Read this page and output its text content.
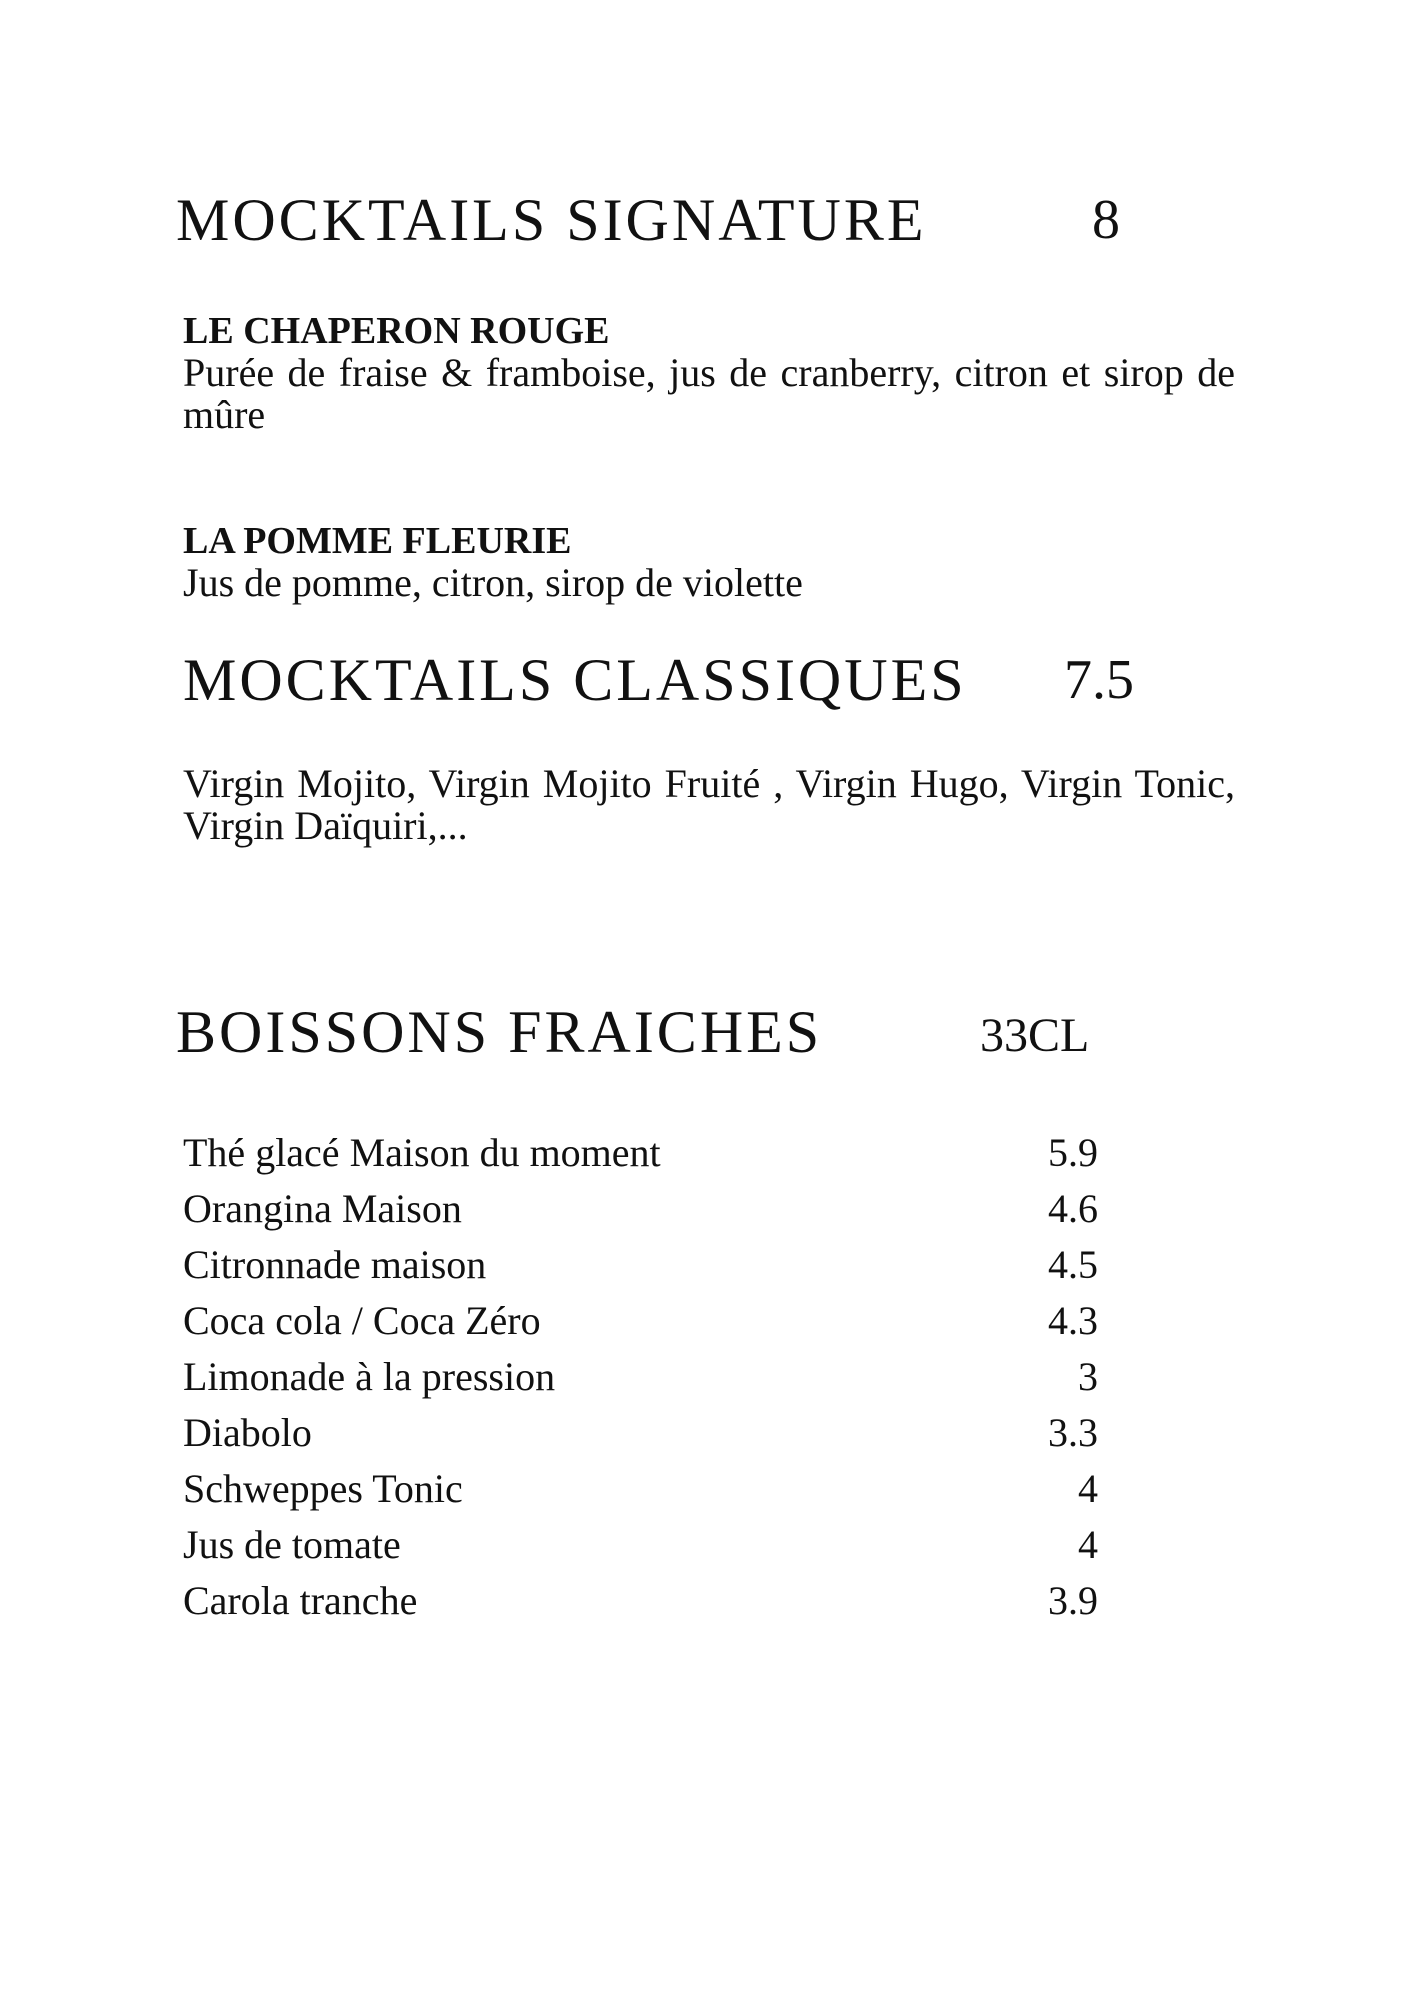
MOCKTAILS SIGNATURE	8
LE CHAPERON ROUGE
Purée de fraise & framboise, jus de cranberry, citron et sirop de mûre
LA POMME FLEURIE
Jus de pomme, citron, sirop de violette
MOCKTAILS CLASSIQUES 7.5
Virgin Mojito, Virgin Mojito Fruité , Virgin Hugo, Virgin Tonic, Virgin Daïquiri,...
BOISSONS FRAICHES	33CL
Thé glacé Maison du moment	5.9
Orangina Maison	4.6
Citronnade maison	4.5
Coca cola / Coca Zéro	4.3
Limonade à la pression	3
Diabolo	3.3
Schweppes Tonic	4
Jus de tomate	4
Carola tranche	3.9
